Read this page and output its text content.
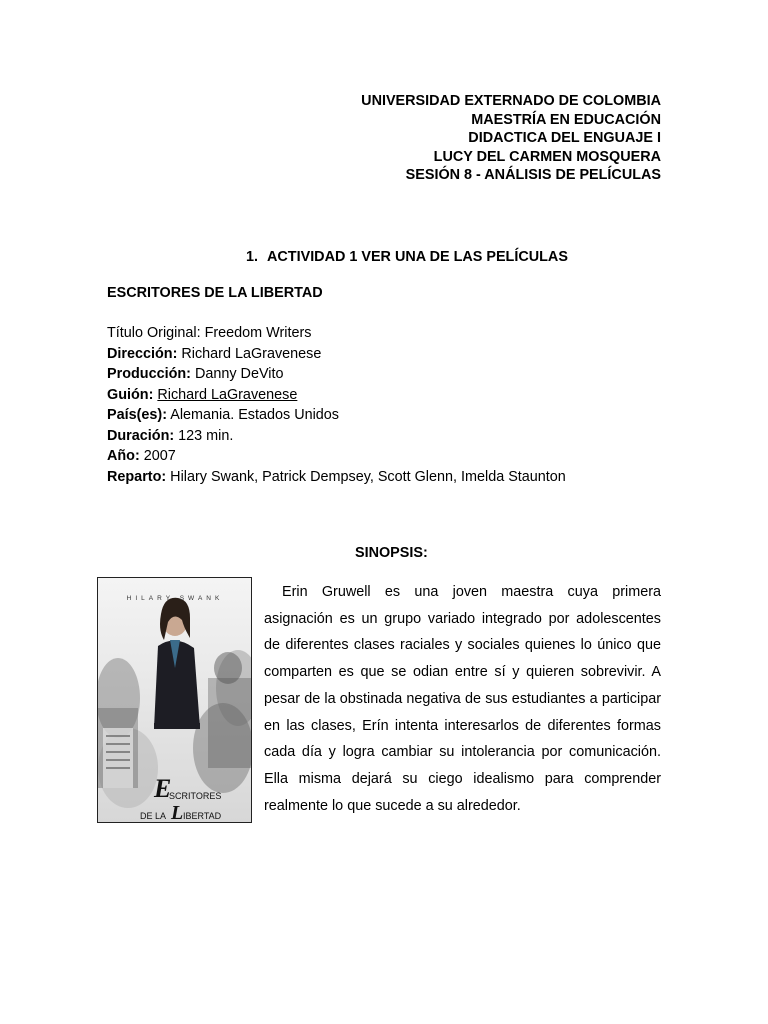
UNIVERSIDAD EXTERNADO DE COLOMBIA
MAESTRÍA EN EDUCACIÓN
DIDACTICA DEL ENGUAJE I
LUCY DEL CARMEN MOSQUERA
SESIÓN 8 - ANÁLISIS DE PELÍCULAS
1. ACTIVIDAD 1 VER UNA DE LAS PELÍCULAS
ESCRITORES DE LA LIBERTAD
Título Original: Freedom Writers
Dirección: Richard LaGravenese
Producción: Danny DeVito
Guión: Richard LaGravenese
País(es): Alemania. Estados Unidos
Duración: 123 min.
Año: 2007
Reparto: Hilary Swank, Patrick Dempsey, Scott Glenn, Imelda Staunton
SINOPSIS:
HILARY SWANK
E
SCRITORES
DE LA L IBERTAD
Erin Gruwell es una joven maestra cuya primera asignación es un grupo variado integrado por adolescentes de diferentes clases raciales y sociales quienes lo único que comparten es que se odian entre sí y quieren sobrevivir. A pesar de la obstinada negativa de sus estudiantes a participar en las clases, Erín intenta interesarlos de diferentes formas cada día y logra cambiar su intolerancia por comunicación. Ella misma dejará su ciego idealismo para comprender realmente lo que sucede a su alrededor.
